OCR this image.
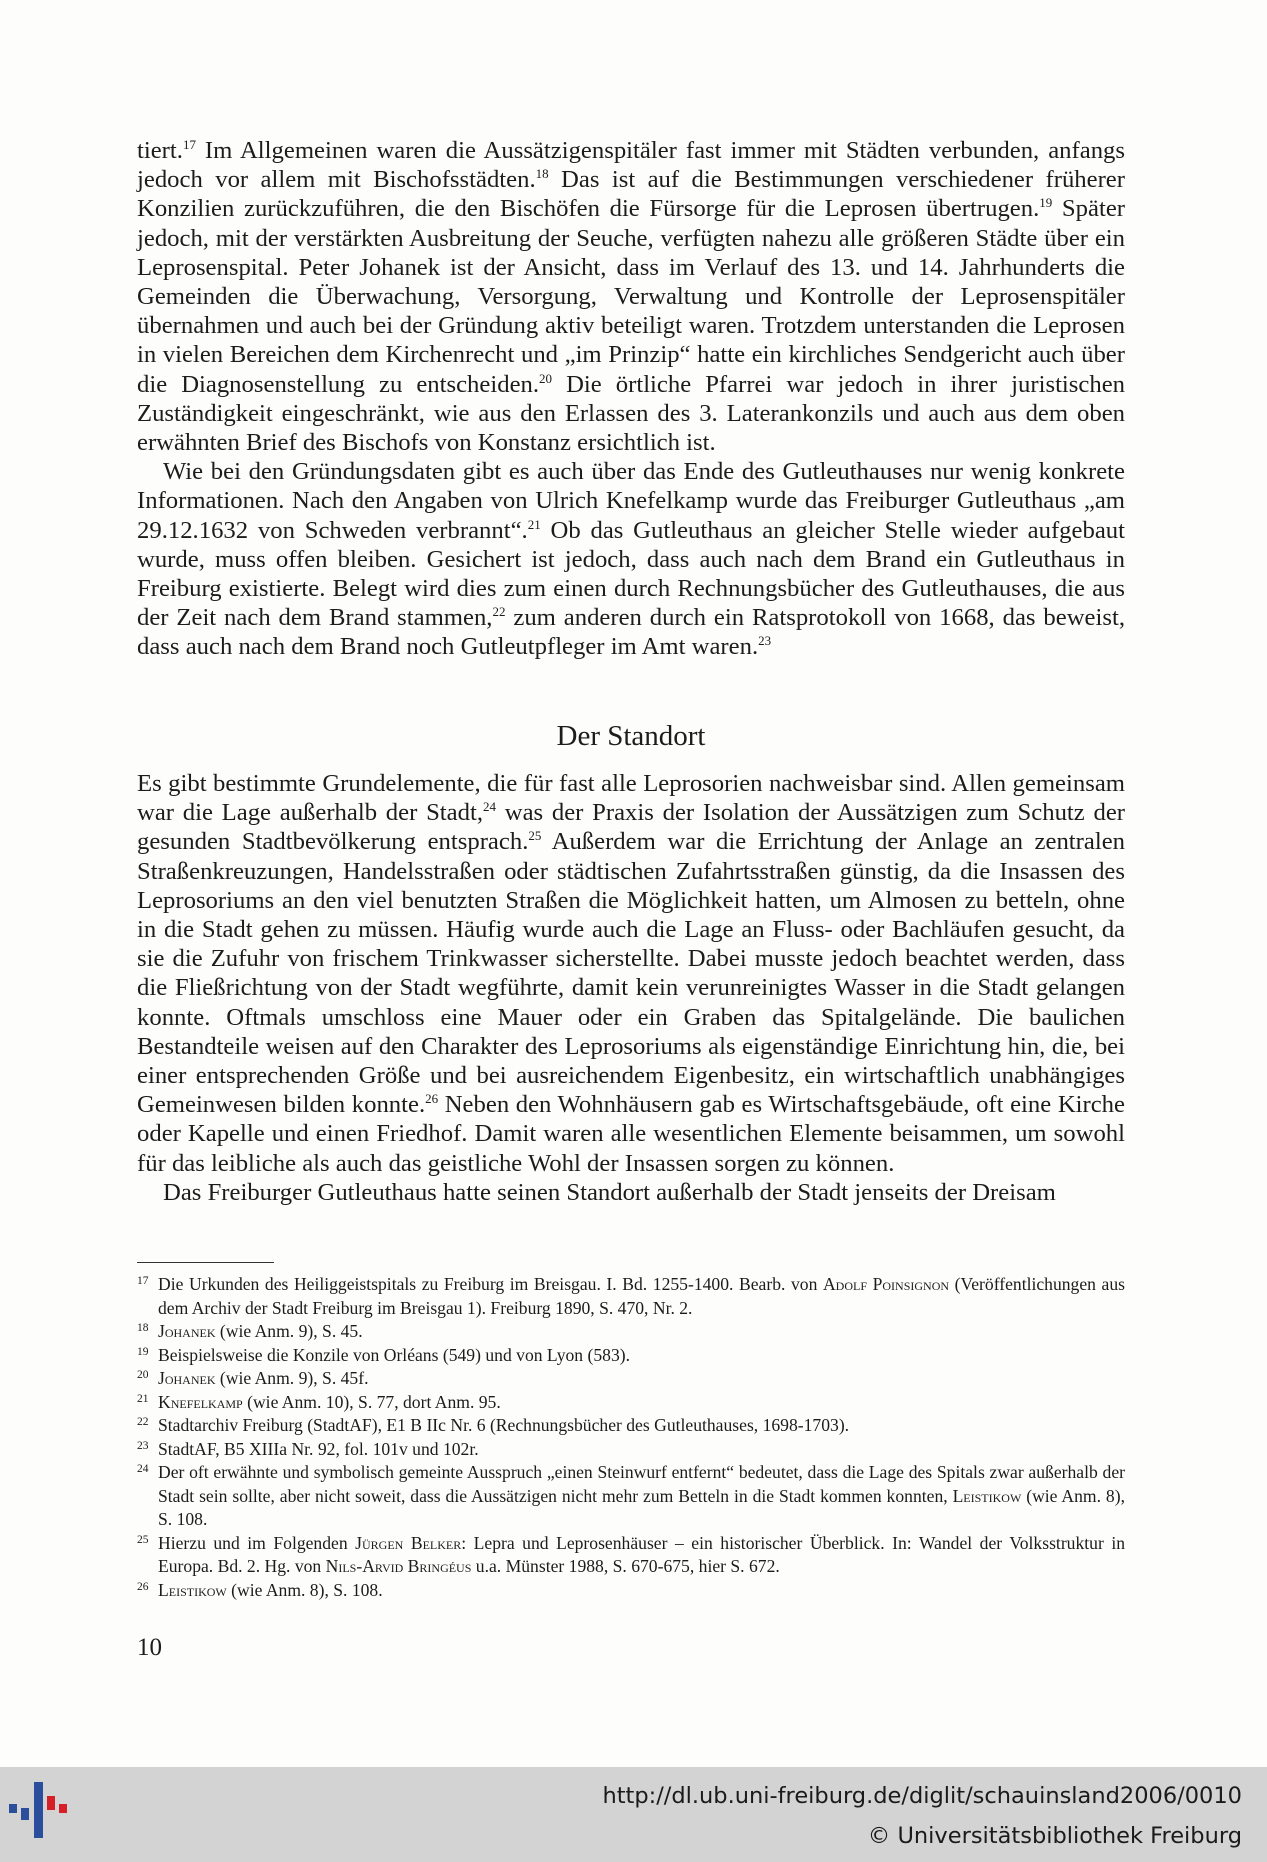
tiert.$^{17}$ Im Allgemeinen waren die Aussätzigenspitäler fast immer mit Städten verbunden, anfangs jedoch vor allem mit Bischofsstädten.$^{18}$ Das ist auf die Bestimmungen verschiedener früherer Konzilien zurückzuführen, die den Bischöfen die Fürsorge für die Leprosen übertrugen.$^{19}$ Später jedoch, mit der verstärkten Ausbreitung der Seuche, verfügten nahezu alle größeren Städte über ein Leprosenspital. Peter Johanek ist der Ansicht, dass im Verlauf des 13. und 14. Jahrhunderts die Gemeinden die Überwachung, Versorgung, Verwaltung und Kontrolle der Leprosenspitäler übernahmen und auch bei der Gründung aktiv beteiligt waren. Trotzdem unterstanden die Leprosen in vielen Bereichen dem Kirchenrecht und „im Prinzip“ hatte ein kirchliches Sendgericht auch über die Diagnosenstellung zu entscheiden.$^{20}$ Die örtliche Pfarrei war jedoch in ihrer juristischen Zuständigkeit eingeschränkt, wie aus den Erlassen des 3. Laterankonzils und auch aus dem oben erwähnten Brief des Bischofs von Konstanz ersichtlich ist.

Wie bei den Gründungsdaten gibt es auch über das Ende des Gutleuthauses nur wenig konkrete Informationen. Nach den Angaben von Ulrich Knefelkamp wurde das Freiburger Gutleuthaus „am 29.12.1632 von Schweden verbrannt“.$^{21}$ Ob das Gutleuthaus an gleicher Stelle wieder aufgebaut wurde, muss offen bleiben. Gesichert ist jedoch, dass auch nach dem Brand ein Gutleuthaus in Freiburg existierte. Belegt wird dies zum einen durch Rechnungsbücher des Gutleuthauses, die aus der Zeit nach dem Brand stammen,$^{22}$ zum anderen durch ein Ratsprotokoll von 1668, das beweist, dass auch nach dem Brand noch Gutleutpfleger im Amt waren.$^{23}$

Der Standort

Es gibt bestimmte Grundelemente, die für fast alle Leprosorien nachweisbar sind. Allen gemeinsam war die Lage außerhalb der Stadt,$^{24}$ was der Praxis der Isolation der Aussätzigen zum Schutz der gesunden Stadtbevölkerung entsprach.$^{25}$ Außerdem war die Errichtung der Anlage an zentralen Straßenkreuzungen, Handelsstraßen oder städtischen Zufahrtsstraßen günstig, da die Insassen des Leprosoriums an den viel benutzten Straßen die Möglichkeit hatten, um Almosen zu betteln, ohne in die Stadt gehen zu müssen. Häufig wurde auch die Lage an Fluss- oder Bachläufen gesucht, da sie die Zufuhr von frischem Trinkwasser sicherstellte. Dabei musste jedoch beachtet werden, dass die Fließrichtung von der Stadt wegführte, damit kein verunreinigtes Wasser in die Stadt gelangen konnte. Oftmals umschloss eine Mauer oder ein Graben das Spitalgelände. Die baulichen Bestandteile weisen auf den Charakter des Leprosoriums als eigenständige Einrichtung hin, die, bei einer entsprechenden Größe und bei ausreichendem Eigenbesitz, ein wirtschaftlich unabhängiges Gemeinwesen bilden konnte.$^{26}$ Neben den Wohnhäusern gab es Wirtschaftsgebäude, oft eine Kirche oder Kapelle und einen Friedhof. Damit waren alle wesentlichen Elemente beisammen, um sowohl für das leibliche als auch das geistliche Wohl der Insassen sorgen zu können.

Das Freiburger Gutleuthaus hatte seinen Standort außerhalb der Stadt jenseits der Dreisam

17 Die Urkunden des Heiliggeistspitals zu Freiburg im Breisgau. I. Bd. 1255-1400. Bearb. von Adolf Poinsignon (Veröffentlichungen aus dem Archiv der Stadt Freiburg im Breisgau 1). Freiburg 1890, S. 470, Nr. 2.
18 Johanek (wie Anm. 9), S. 45.
19 Beispielsweise die Konzile von Orléans (549) und von Lyon (583).
20 Johanek (wie Anm. 9), S. 45f.
21 Knefelkamp (wie Anm. 10), S. 77, dort Anm. 95.
22 Stadtarchiv Freiburg (StadtAF), E1 B IIc Nr. 6 (Rechnungsbücher des Gutleuthauses, 1698-1703).
23 StadtAF, B5 XIIIa Nr. 92, fol. 101v und 102r.
24 Der oft erwähnte und symbolisch gemeinte Ausspruch „einen Steinwurf entfernt“ bedeutet, dass die Lage des Spitals zwar außerhalb der Stadt sein sollte, aber nicht soweit, dass die Aussätzigen nicht mehr zum Betteln in die Stadt kommen konnten, Leistikow (wie Anm. 8), S. 108.
25 Hierzu und im Folgenden Jürgen Belker: Lepra und Leprosenhäuser – ein historischer Überblick. In: Wandel der Volksstruktur in Europa. Bd. 2. Hg. von Nils-Arvid Bringéus u.a. Münster 1988, S. 670-675, hier S. 672.
26 Leistikow (wie Anm. 8), S. 108.
10
http://dl.ub.uni-freiburg.de/diglit/schauinsland2006/0010
© Universitätsbibliothek Freiburg
